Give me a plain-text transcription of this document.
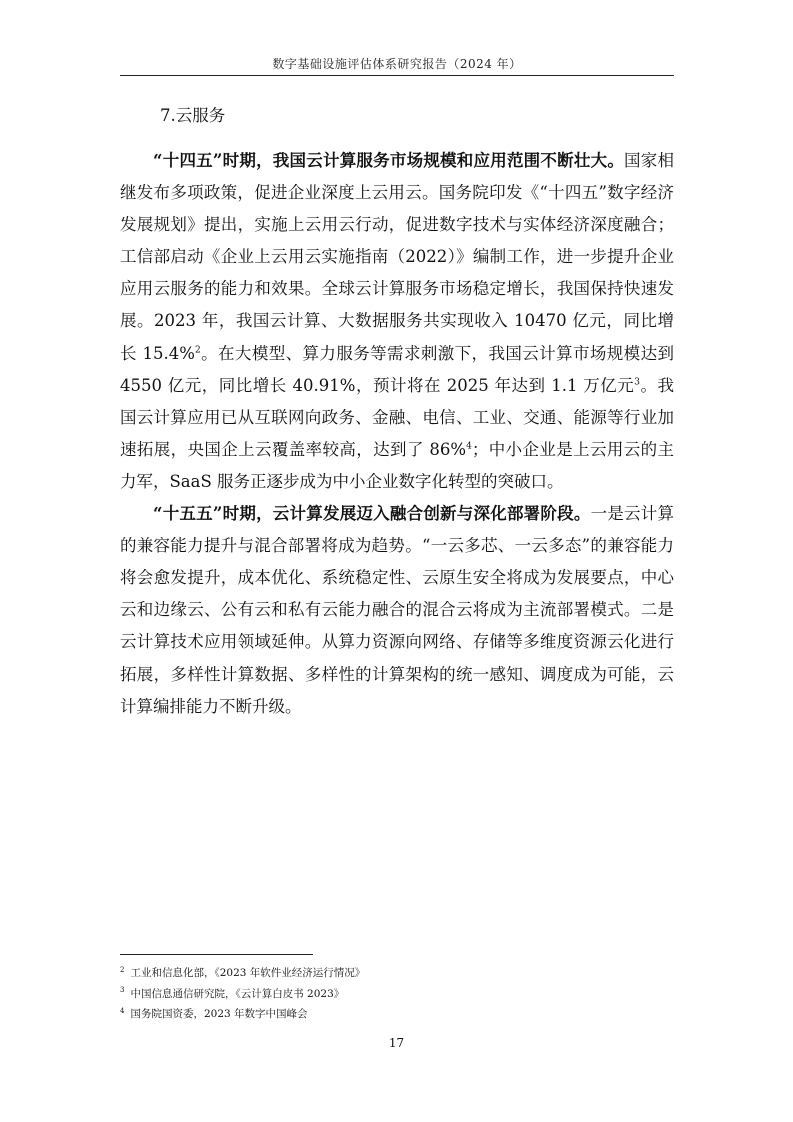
数字基础设施评估体系研究报告（2024 年）
7.云服务

“十四五”时期，我国云计算服务市场规模和应用范围不断壮大。国家相继发布多项政策，促进企业深度上云用云。国务院印发《“十四五”数字经济发展规划》提出，实施上云用云行动，促进数字技术与实体经济深度融合；工信部启动《企业上云用云实施指南（2022）》编制工作，进一步提升企业应用云服务的能力和效果。全球云计算服务市场稳定增长，我国保持快速发展。2023 年，我国云计算、大数据服务共实现收入 10470 亿元，同比增长 15.4%$^2$。在大模型、算力服务等需求刺激下，我国云计算市场规模达到 4550 亿元，同比增长 40.91%，预计将在 2025 年达到 1.1 万亿元$^3$。我国云计算应用已从互联网向政务、金融、电信、工业、交通、能源等行业加速拓展，央国企上云覆盖率较高，达到了 86%$^4$；中小企业是上云用云的主力军，SaaS 服务正逐步成为中小企业数字化转型的突破口。

“十五五”时期，云计算发展迈入融合创新与深化部署阶段。一是云计算的兼容能力提升与混合部署将成为趋势。“一云多芯、一云多态”的兼容能力将会愈发提升，成本优化、系统稳定性、云原生安全将成为发展要点，中心云和边缘云、公有云和私有云能力融合的混合云将成为主流部署模式。二是云计算技术应用领域延伸。从算力资源向网络、存储等多维度资源云化进行拓展，多样性计算数据、多样性的计算架构的统一感知、调度成为可能，云计算编排能力不断升级。

$^2$ 工业和信息化部，《2023 年软件业经济运行情况》
$^3$ 中国信息通信研究院，《云计算白皮书 2023》
$^4$ 国务院国资委，2023 年数字中国峰会
17
